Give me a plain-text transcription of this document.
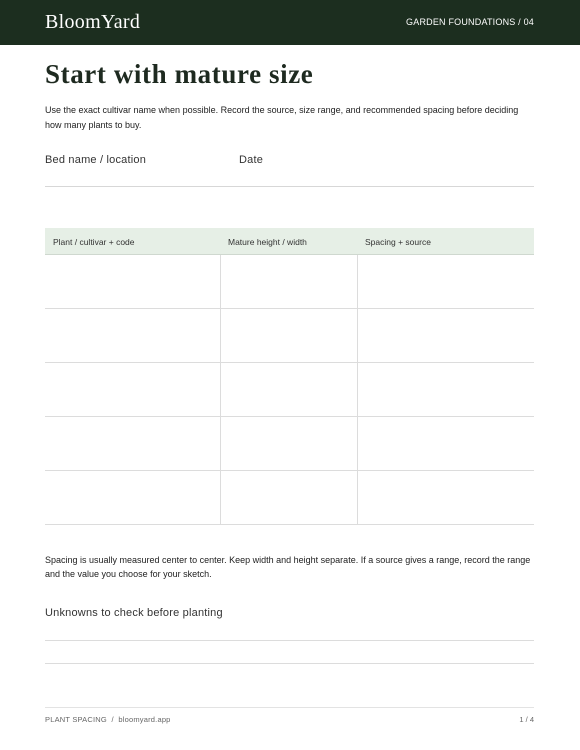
BloomYard	GARDEN FOUNDATIONS / 04
Start with mature size

Use the exact cultivar name when possible. Record the source, size range, and recommended spacing before deciding how many plants to buy.

Bed name / location	Date
Plant / cultivar + code	Mature height / width	Spacing + source

Spacing is usually measured center to center. Keep width and height separate. If a source gives a range, record the range and the value you choose for your sketch.

Unknowns to check before planting
PLANT SPACING  /  bloomyard.app	1 / 4
